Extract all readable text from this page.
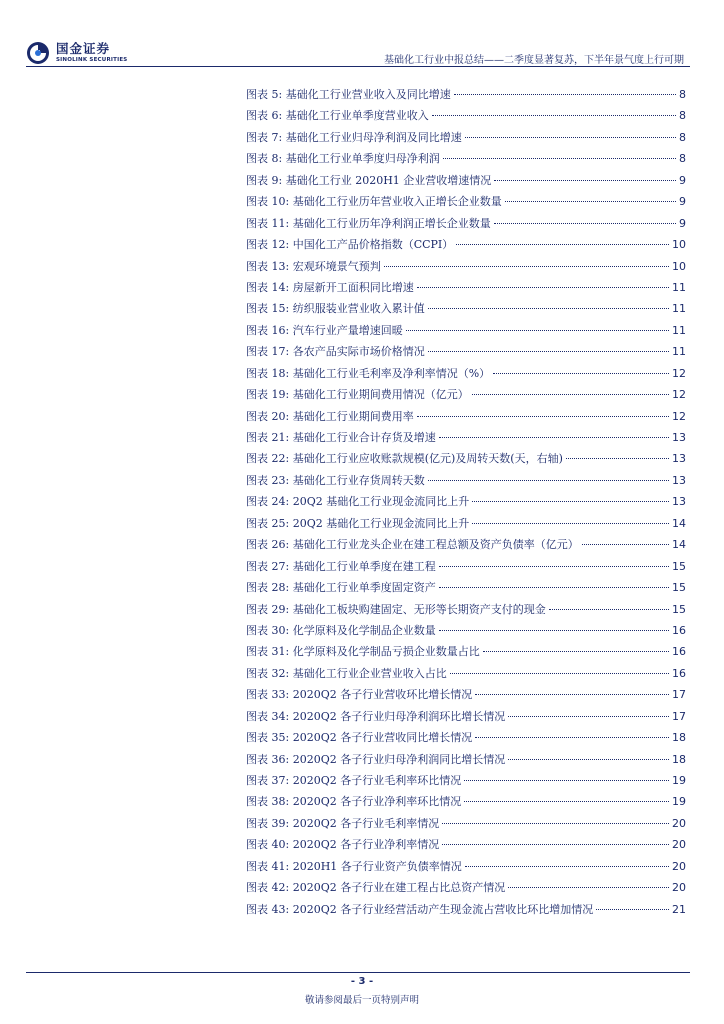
国金证券
SINOLINK SECURITIES	基础化工行业中报总结——二季度显著复苏，下半年景气度上行可期
图表 5: 基础化工行业营业收入及同比增速	8
图表 6: 基础化工行业单季度营业收入	8
图表 7: 基础化工行业归母净利润及同比增速	8
图表 8: 基础化工行业单季度归母净利润	8
图表 9: 基础化工行业 2020H1 企业营收增速情况	9
图表 10: 基础化工行业历年营业收入正增长企业数量	9
图表 11: 基础化工行业历年净利润正增长企业数量	9
图表 12: 中国化工产品价格指数（CCPI）	10
图表 13: 宏观环境景气预判	10
图表 14: 房屋新开工面积同比增速	11
图表 15: 纺织服装业营业收入累计值	11
图表 16: 汽车行业产量增速回暖	11
图表 17: 各农产品实际市场价格情况	11
图表 18: 基础化工行业毛利率及净利率情况（%）	12
图表 19: 基础化工行业期间费用情况（亿元）	12
图表 20: 基础化工行业期间费用率	12
图表 21: 基础化工行业合计存货及增速	13
图表 22: 基础化工行业应收账款规模(亿元)及周转天数(天，右轴)	13
图表 23: 基础化工行业存货周转天数	13
图表 24: 20Q2 基础化工行业现金流同比上升	13
图表 25: 20Q2 基础化工行业现金流同比上升	14
图表 26: 基础化工行业龙头企业在建工程总额及资产负债率（亿元）	14
图表 27: 基础化工行业单季度在建工程	15
图表 28: 基础化工行业单季度固定资产	15
图表 29: 基础化工板块购建固定、无形等长期资产支付的现金	15
图表 30: 化学原料及化学制品企业数量	16
图表 31: 化学原料及化学制品亏损企业数量占比	16
图表 32: 基础化工行业企业营业收入占比	16
图表 33: 2020Q2 各子行业营收环比增长情况	17
图表 34: 2020Q2 各子行业归母净利润环比增长情况	17
图表 35: 2020Q2 各子行业营收同比增长情况	18
图表 36: 2020Q2 各子行业归母净利润同比增长情况	18
图表 37: 2020Q2 各子行业毛利率环比情况	19
图表 38: 2020Q2 各子行业净利率环比情况	19
图表 39: 2020Q2 各子行业毛利率情况	20
图表 40: 2020Q2 各子行业净利率情况	20
图表 41: 2020H1 各子行业资产负债率情况	20
图表 42: 2020Q2 各子行业在建工程占比总资产情况	20
图表 43: 2020Q2 各子行业经营活动产生现金流占营收比环比增加情况	21
- 3 -
敬请参阅最后一页特别声明
